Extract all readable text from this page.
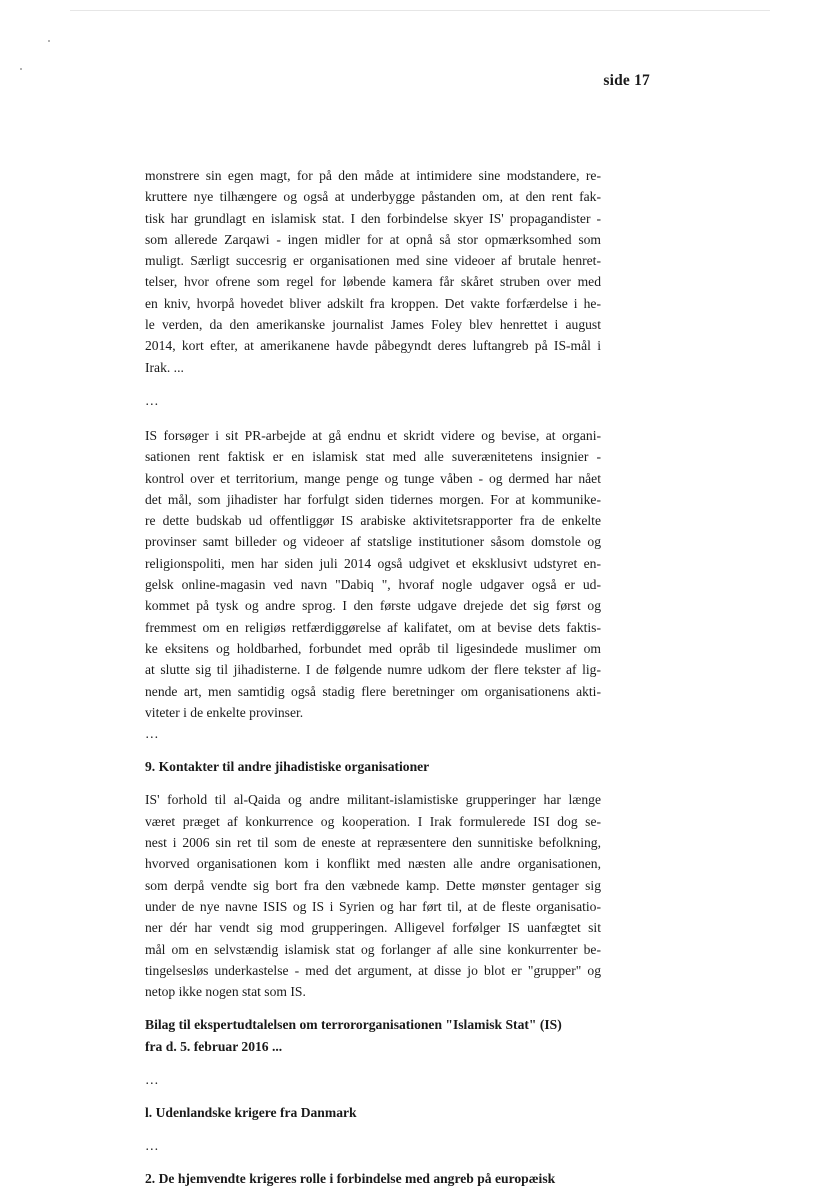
side 17
monstrere sin egen magt, for på den måde at intimidere sine modstandere, re-
kruttere nye tilhængere og også at underbygge påstanden om, at den rent fak-
tisk har grundlagt en islamisk stat. I den forbindelse skyer IS' propagandister -
som allerede Zarqawi - ingen midler for at opnå så stor opmærksomhed som
muligt. Særligt succesrig er organisationen med sine videoer af brutale henret-
telser, hvor ofrene som regel for løbende kamera får skåret struben over med
en kniv, hvorpå hovedet bliver adskilt fra kroppen. Det vakte forfærdelse i he-
le verden, da den amerikanske journalist James Foley blev henrettet i august
2014, kort efter, at amerikanene havde påbegyndt deres luftangreb på IS-mål i
Irak. ...
…
IS forsøger i sit PR-arbejde at gå endnu et skridt videre og bevise, at organi-
sationen rent faktisk er en islamisk stat med alle suverænitetens insignier -
kontrol over et territorium, mange penge og tunge våben - og dermed har nået
det mål, som jihadister har forfulgt siden tidernes morgen. For at kommunike-
re dette budskab ud offentliggør IS arabiske aktivitetsrapporter fra de enkelte
provinser samt billeder og videoer af statslige institutioner såsom domstole og
religionspoliti, men har siden juli 2014 også udgivet et eksklusivt udstyret en-
gelsk online-magasin ved navn "Dabiq ", hvoraf nogle udgaver også er ud-
kommet på tysk og andre sprog. I den første udgave drejede det sig først og
fremmest om en religiøs retfærdiggørelse af kalifatet, om at bevise dets faktis-
ke eksitens og holdbarhed, forbundet med opråb til ligesindede muslimer om
at slutte sig til jihadisterne. I de følgende numre udkom der flere tekster af lig-
nende art, men samtidig også stadig flere beretninger om organisationens akti-
viteter i de enkelte provinser.
…
9. Kontakter til andre jihadistiske organisationer
IS' forhold til al-Qaida og andre militant-islamistiske grupperinger har længe
været præget af konkurrence og kooperation. I Irak formulerede ISI dog se-
nest i 2006 sin ret til som de eneste at repræsentere den sunnitiske befolkning,
hvorved organisationen kom i konflikt med næsten alle andre organisationen,
som derpå vendte sig bort fra den væbnede kamp. Dette mønster gentager sig
under de nye navne ISIS og IS i Syrien og har ført til, at de fleste organisatio-
ner dér har vendt sig mod grupperingen. Alligevel forfølger IS uanfægtet sit
mål om en selvstændig islamisk stat og forlanger af alle sine konkurrenter be-
tingelsesløs underkastelse - med det argument, at disse jo blot er "grupper" og
netop ikke nogen stat som IS.
Bilag til ekspertudtalelsen om terrororganisationen "Islamisk Stat" (IS)
fra d. 5. februar 2016 ...
…
l. Udenlandske krigere fra Danmark
…
2. De hjemvendte krigeres rolle i forbindelse med angreb på europæisk
